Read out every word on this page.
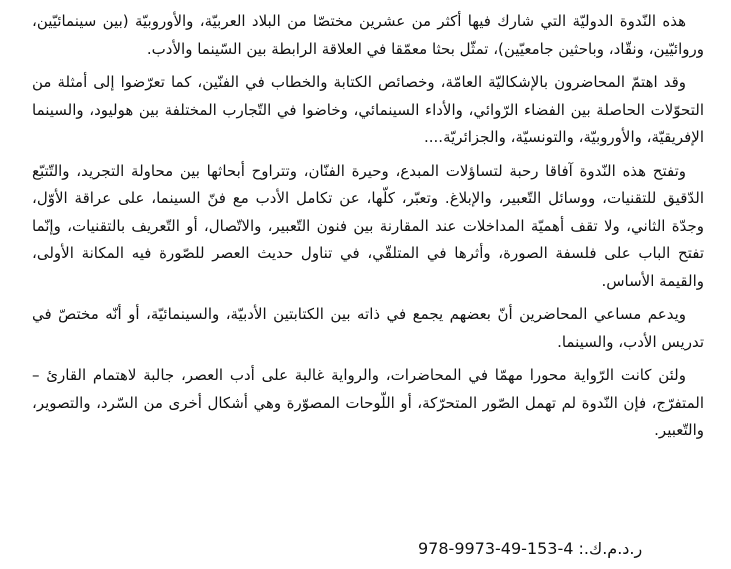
هذه النّدوة الدوليّة التي شارك فيها أكثر من عشرين مختصّا من البلاد العربيّة، والأوروبيّة (بين سينمائيّين، وروائيّين، ونقّاد، وباحثين جامعيّين)، تمثّل بحثا معمّقا في العلاقة الرابطة بين السّينما والأدب.

وقد اهتمّ المحاضرون بالإشكاليّة العامّة، وخصائص الكتابة والخطاب في الفنّين، كما تعرّضوا إلى أمثلة من التحوّلات الحاصلة بين الفضاء الرّوائي، والأداء السينمائي، وخاضوا في التّجارب المختلفة بين هوليود، والسينما الإفريقيّة، والأوروبيّة، والتونسيّة، والجزائريّة....

وتفتح هذه النّدوة آفاقا رحبة لتساؤلات المبدع، وحيرة الفنّان، وتتراوح أبحاثها بين محاولة التجريد، والتّتبّع الدّقيق للتقنيات، ووسائل التّعبير، والإبلاغ. وتعبّر، كلّها، عن تكامل الأدب مع فنّ السينما، على عراقة الأوّل، وجدّة الثاني، ولا تقف أهميّة المداخلات عند المقارنة بين فنون التّعبير، والاتّصال، أو التّعريف بالتقنيات، وإنّما تفتح الباب على فلسفة الصورة، وأثرها في المتلقّي، في تناول حديث العصر للصّورة فيه المكانة الأولى، والقيمة الأساس.

ويدعم مساعي المحاضرين أنّ بعضهم يجمع في ذاته بين الكتابتين الأدبيّة، والسينمائيّة، أو أنّه مختصّ في تدريس الأدب، والسينما.

ولئن كانت الرّواية محورا مهمّا في المحاضرات، والرواية غالبة على أدب العصر، جالبة لاهتمام القارئ – المتفرّج، فإن النّدوة لم تهمل الصّور المتحرّكة، أو اللّوحات المصوّرة وهي أشكال أخرى من السّرد، والتصوير، والتّعبير.

ر.د.م.ك.: 978-9973-49-153-4
